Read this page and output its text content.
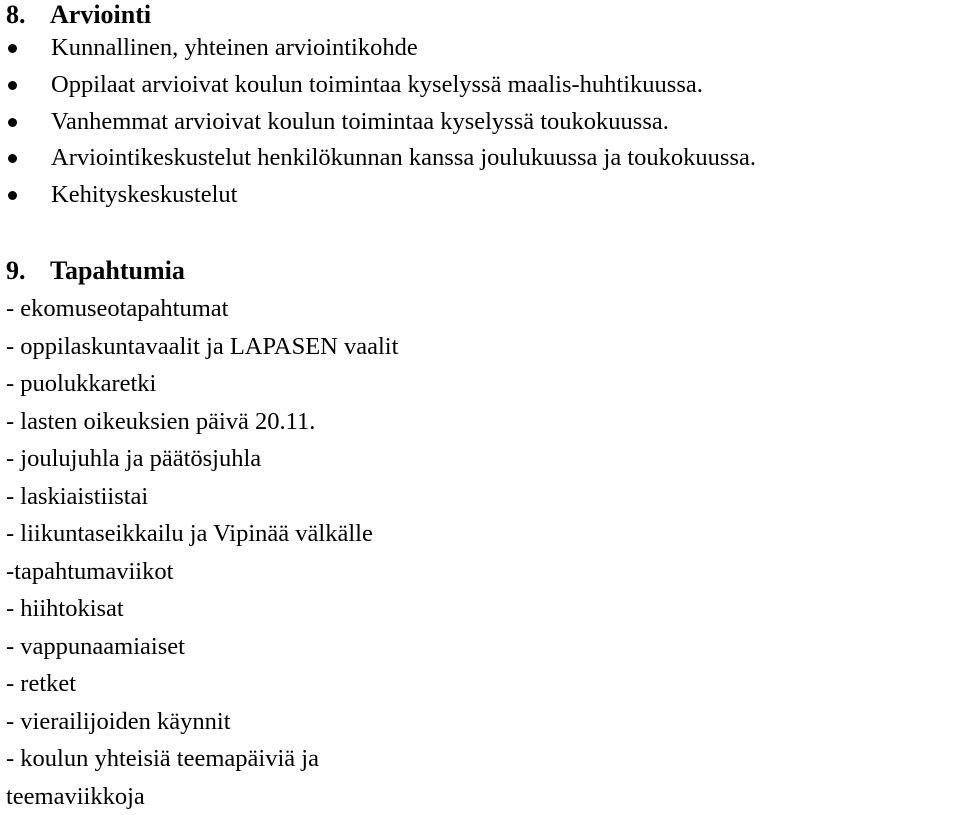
8. Arviointi
Kunnallinen, yhteinen arviointikohde
Oppilaat arvioivat koulun toimintaa kyselyssä maalis-huhtikuussa.
Vanhemmat arvioivat koulun toimintaa kyselyssä toukokuussa.
Arviointikeskustelut henkilökunnan kanssa joulukuussa ja toukokuussa.
Kehityskeskustelut
9. Tapahtumia
- ekomuseotapahtumat
- oppilaskuntavaalit ja LAPASEN vaalit
- puolukkaretki
- lasten oikeuksien päivä 20.11.
- joulujuhla ja päätösjuhla
- laskiaistiistai
- liikuntaseikkailu ja Vipinää välkälle
-tapahtumaviikot
- hiihtokisat
- vappunaamiaiset
- retket
- vierailijoiden käynnit
- koulun yhteisiä teemapäiviä ja
teemaviikkoja
